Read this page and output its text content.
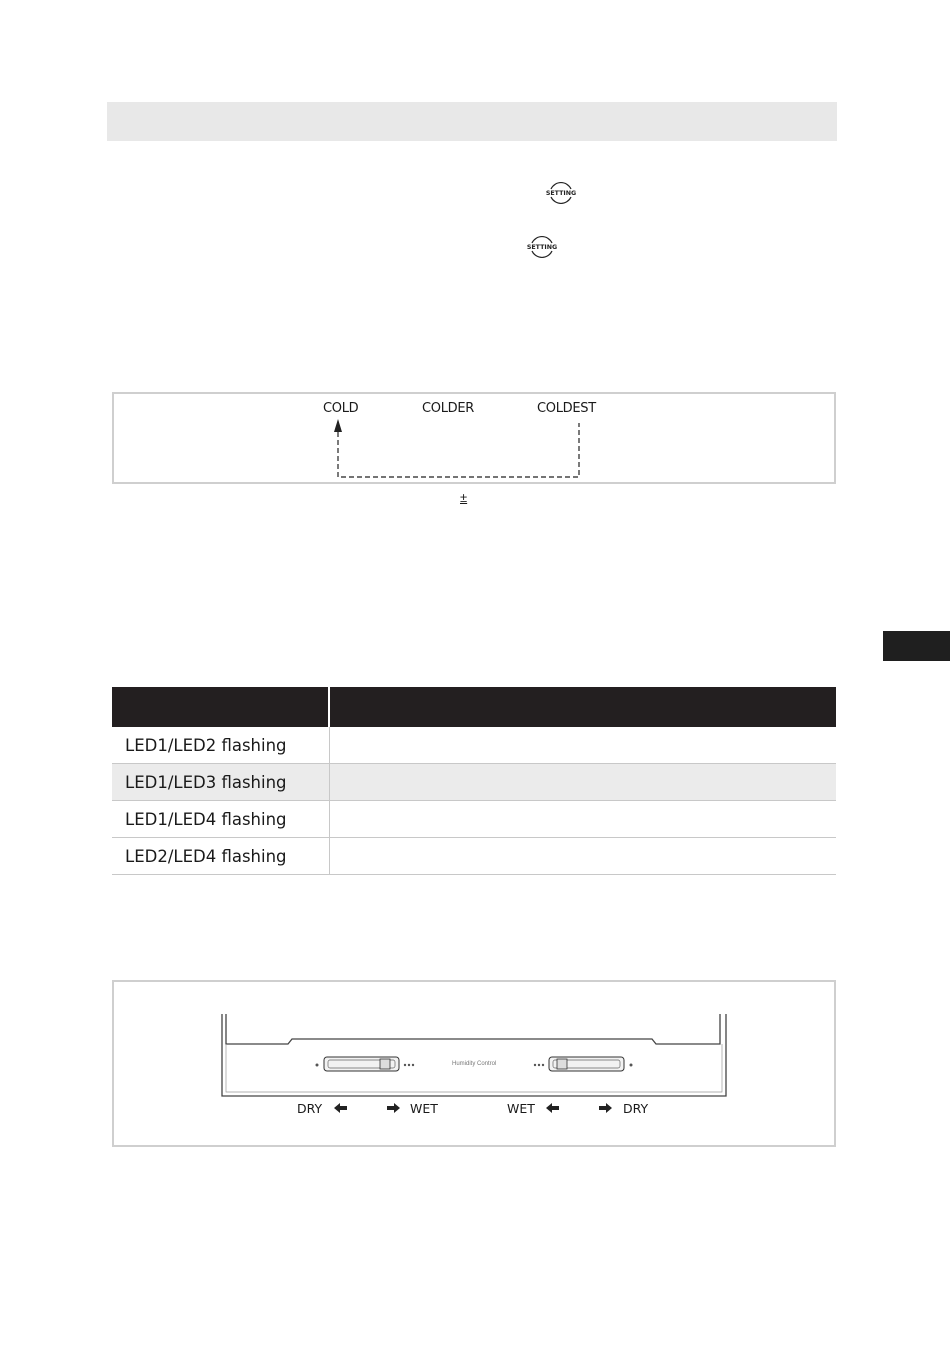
SETTING
SETTING
COLD	COLDER	COLDEST
±

LED1/LED2 flashing	
LED1/LED3 flashing	
LED1/LED4 flashing	
LED2/LED4 flashing	
Humidity Control
DRY	WET	WET	DRY
